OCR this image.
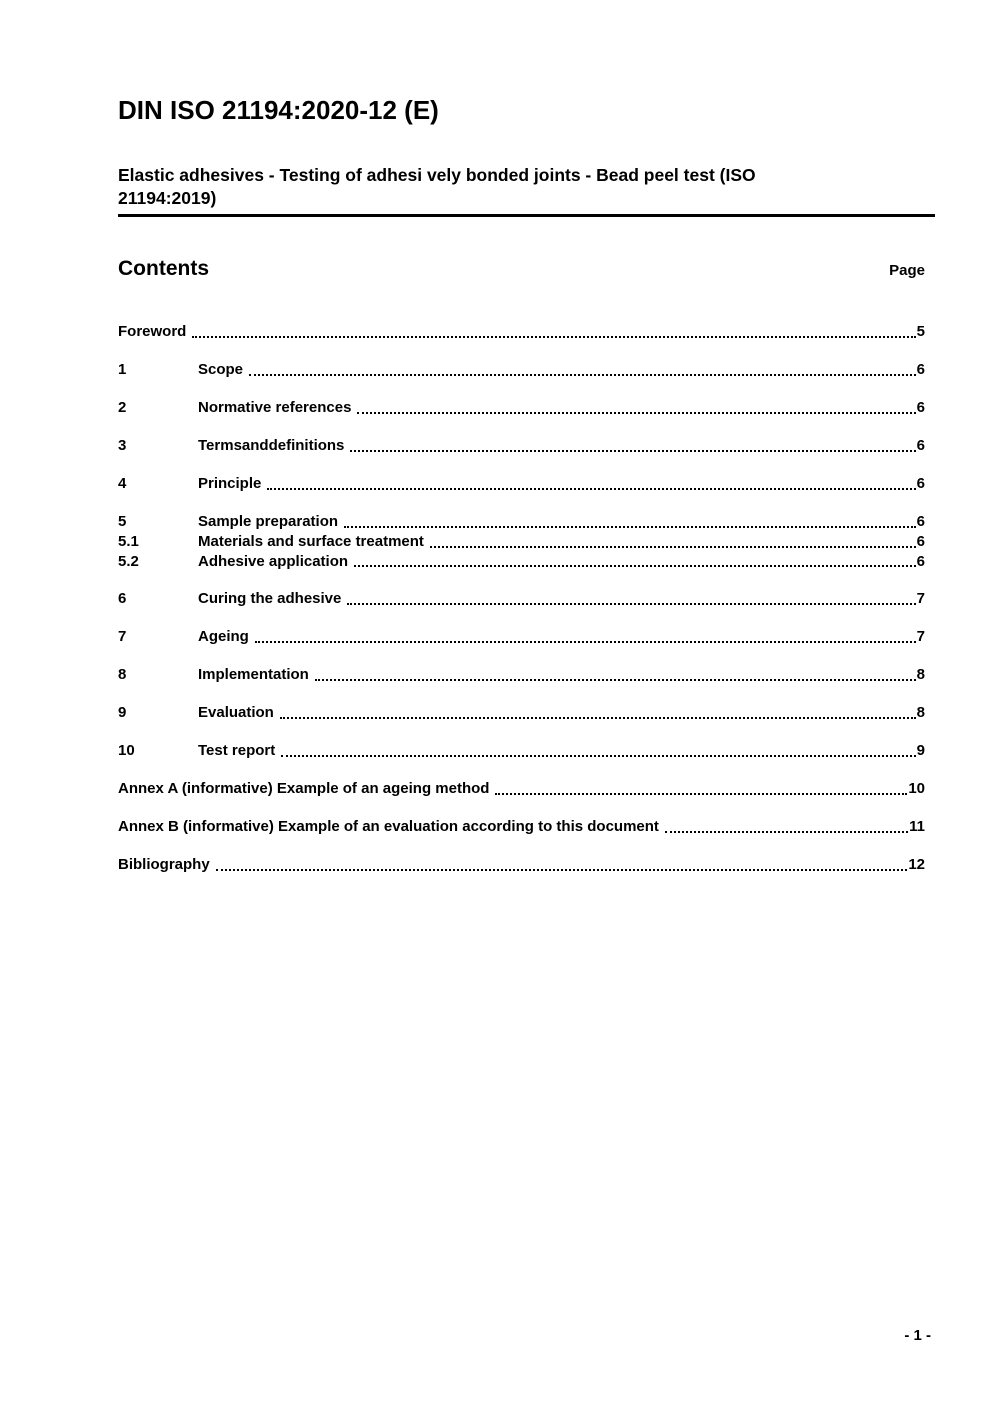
DIN ISO 21194:2020-12 (E)
Elastic adhesives - Testing of adhesi vely bonded joints - Bead peel test (ISO
21194:2019)
Contents	Page
Foreword	5
1	Scope	6
2	Normative references	6
3	Termsanddefinitions	6
4	Principle	6
5	Sample preparation	6
5.1	Materials and surface treatment	6
5.2	Adhesive application	6
6	Curing the adhesive	7
7	Ageing	7
8	Implementation	8
9	Evaluation	8
10	Test report	9
Annex A (informative) Example of an ageing method	10
Annex B (informative) Example of an evaluation according to this document	11
Bibliography	12
- 1 -
